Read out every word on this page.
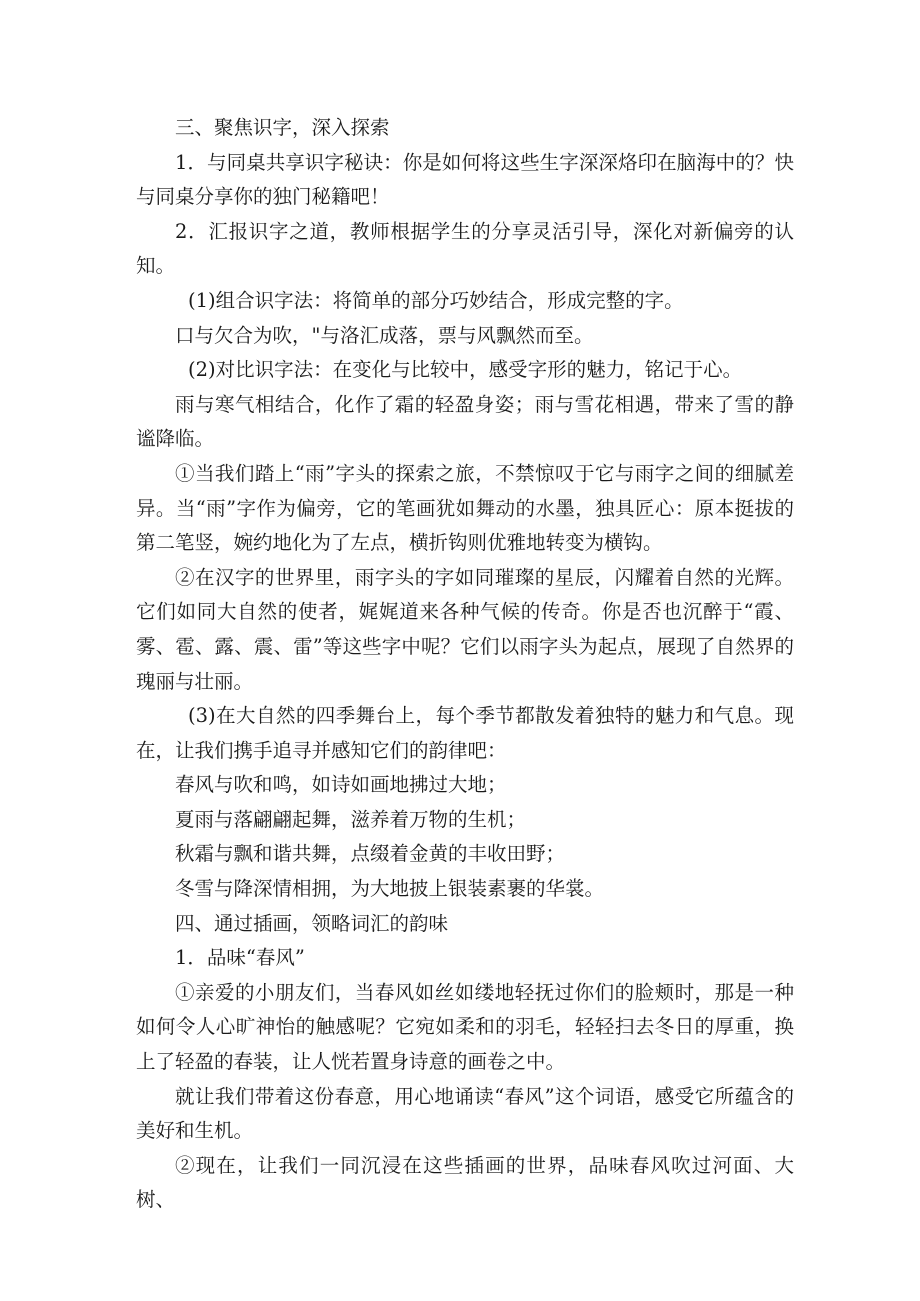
三、聚焦识字，深入探索

1．与同桌共享识字秘诀：你是如何将这些生字深深烙印在脑海中的？快与同桌分享你的独门秘籍吧！

2．汇报识字之道，教师根据学生的分享灵活引导，深化对新偏旁的认知。

(1)组合识字法：将简单的部分巧妙结合，形成完整的字。

口与欠合为吹，"与洛汇成落，票与风飘然而至。

(2)对比识字法：在变化与比较中，感受字形的魅力，铭记于心。

雨与寒气相结合，化作了霜的轻盈身姿；雨与雪花相遇，带来了雪的静谧降临。

①当我们踏上“雨”字头的探索之旅，不禁惊叹于它与雨字之间的细腻差异。当“雨”字作为偏旁，它的笔画犹如舞动的水墨，独具匠心：原本挺拔的第二笔竖，婉约地化为了左点，横折钩则优雅地转变为横钩。

②在汉字的世界里，雨字头的字如同璀璨的星辰，闪耀着自然的光辉。它们如同大自然的使者，娓娓道来各种气候的传奇。你是否也沉醉于“霞、雾、雹、露、震、雷”等这些字中呢？它们以雨字头为起点，展现了自然界的瑰丽与壮丽。

(3)在大自然的四季舞台上，每个季节都散发着独特的魅力和气息。现在，让我们携手追寻并感知它们的韵律吧：

春风与吹和鸣，如诗如画地拂过大地；

夏雨与落翩翩起舞，滋养着万物的生机；

秋霜与飘和谐共舞，点缀着金黄的丰收田野；

冬雪与降深情相拥，为大地披上银装素裹的华裳。

四、通过插画，领略词汇的韵味

1．品味“春风”

①亲爱的小朋友们，当春风如丝如缕地轻抚过你们的脸颊时，那是一种如何令人心旷神怡的触感呢？它宛如柔和的羽毛，轻轻扫去冬日的厚重，换上了轻盈的春装，让人恍若置身诗意的画卷之中。

就让我们带着这份春意，用心地诵读“春风”这个词语，感受它所蕴含的美好和生机。

②现在，让我们一同沉浸在这些插画的世界，品味春风吹过河面、大树、
